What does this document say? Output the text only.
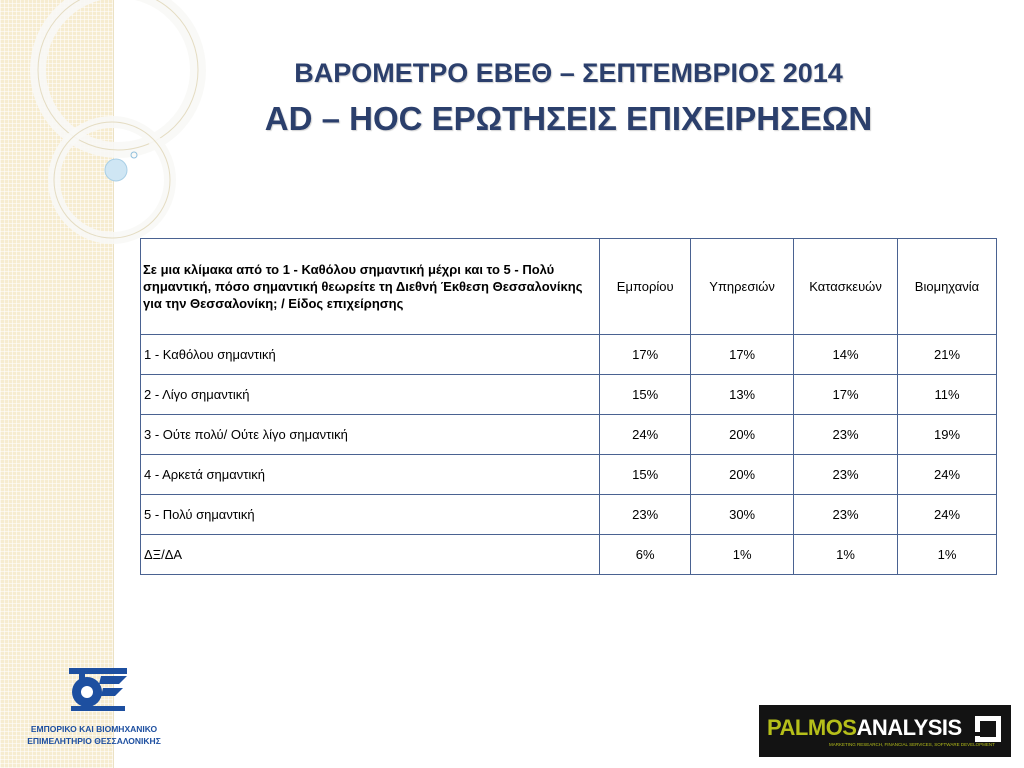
ΒΑΡΟΜΕΤΡΟ ΕΒΕΘ – ΣΕΠΤΕΜΒΡΙΟΣ 2014
AD – HOC ΕΡΩΤΗΣΕΙΣ ΕΠΙΧΕΙΡΗΣΕΩΝ
Σε μια κλίμακα από το 1 - Καθόλου σημαντική μέχρι και το 5 - Πολύ σημαντική, πόσο σημαντική θεωρείτε τη Διεθνή Έκθεση Θεσσαλονίκης για την Θεσσαλονίκη; / Είδος επιχείρησης	Εμπορίου	Υπηρεσιών	Κατασκευών	Βιομηχανία
1 - Καθόλου σημαντική	17%	17%	14%	21%
2 - Λίγο σημαντική	15%	13%	17%	11%
3 - Ούτε πολύ/ Ούτε λίγο σημαντική	24%	20%	23%	19%
4 - Αρκετά σημαντική	15%	20%	23%	24%
5 - Πολύ σημαντική	23%	30%	23%	24%
ΔΞ/ΔΑ	6%	1%	1%	1%
ΕΜΠΟΡΙΚΟ ΚΑΙ ΒΙΟΜΗΧΑΝΙΚΟ
ΕΠΙΜΕΛΗΤΗΡΙΟ ΘΕΣΣΑΛΟΝΙΚΗΣ
PALMOSANALYSIS
MARKETING RESEARCH, FINANCIAL SERVICES, SOFTWARE DEVELOPMENT
